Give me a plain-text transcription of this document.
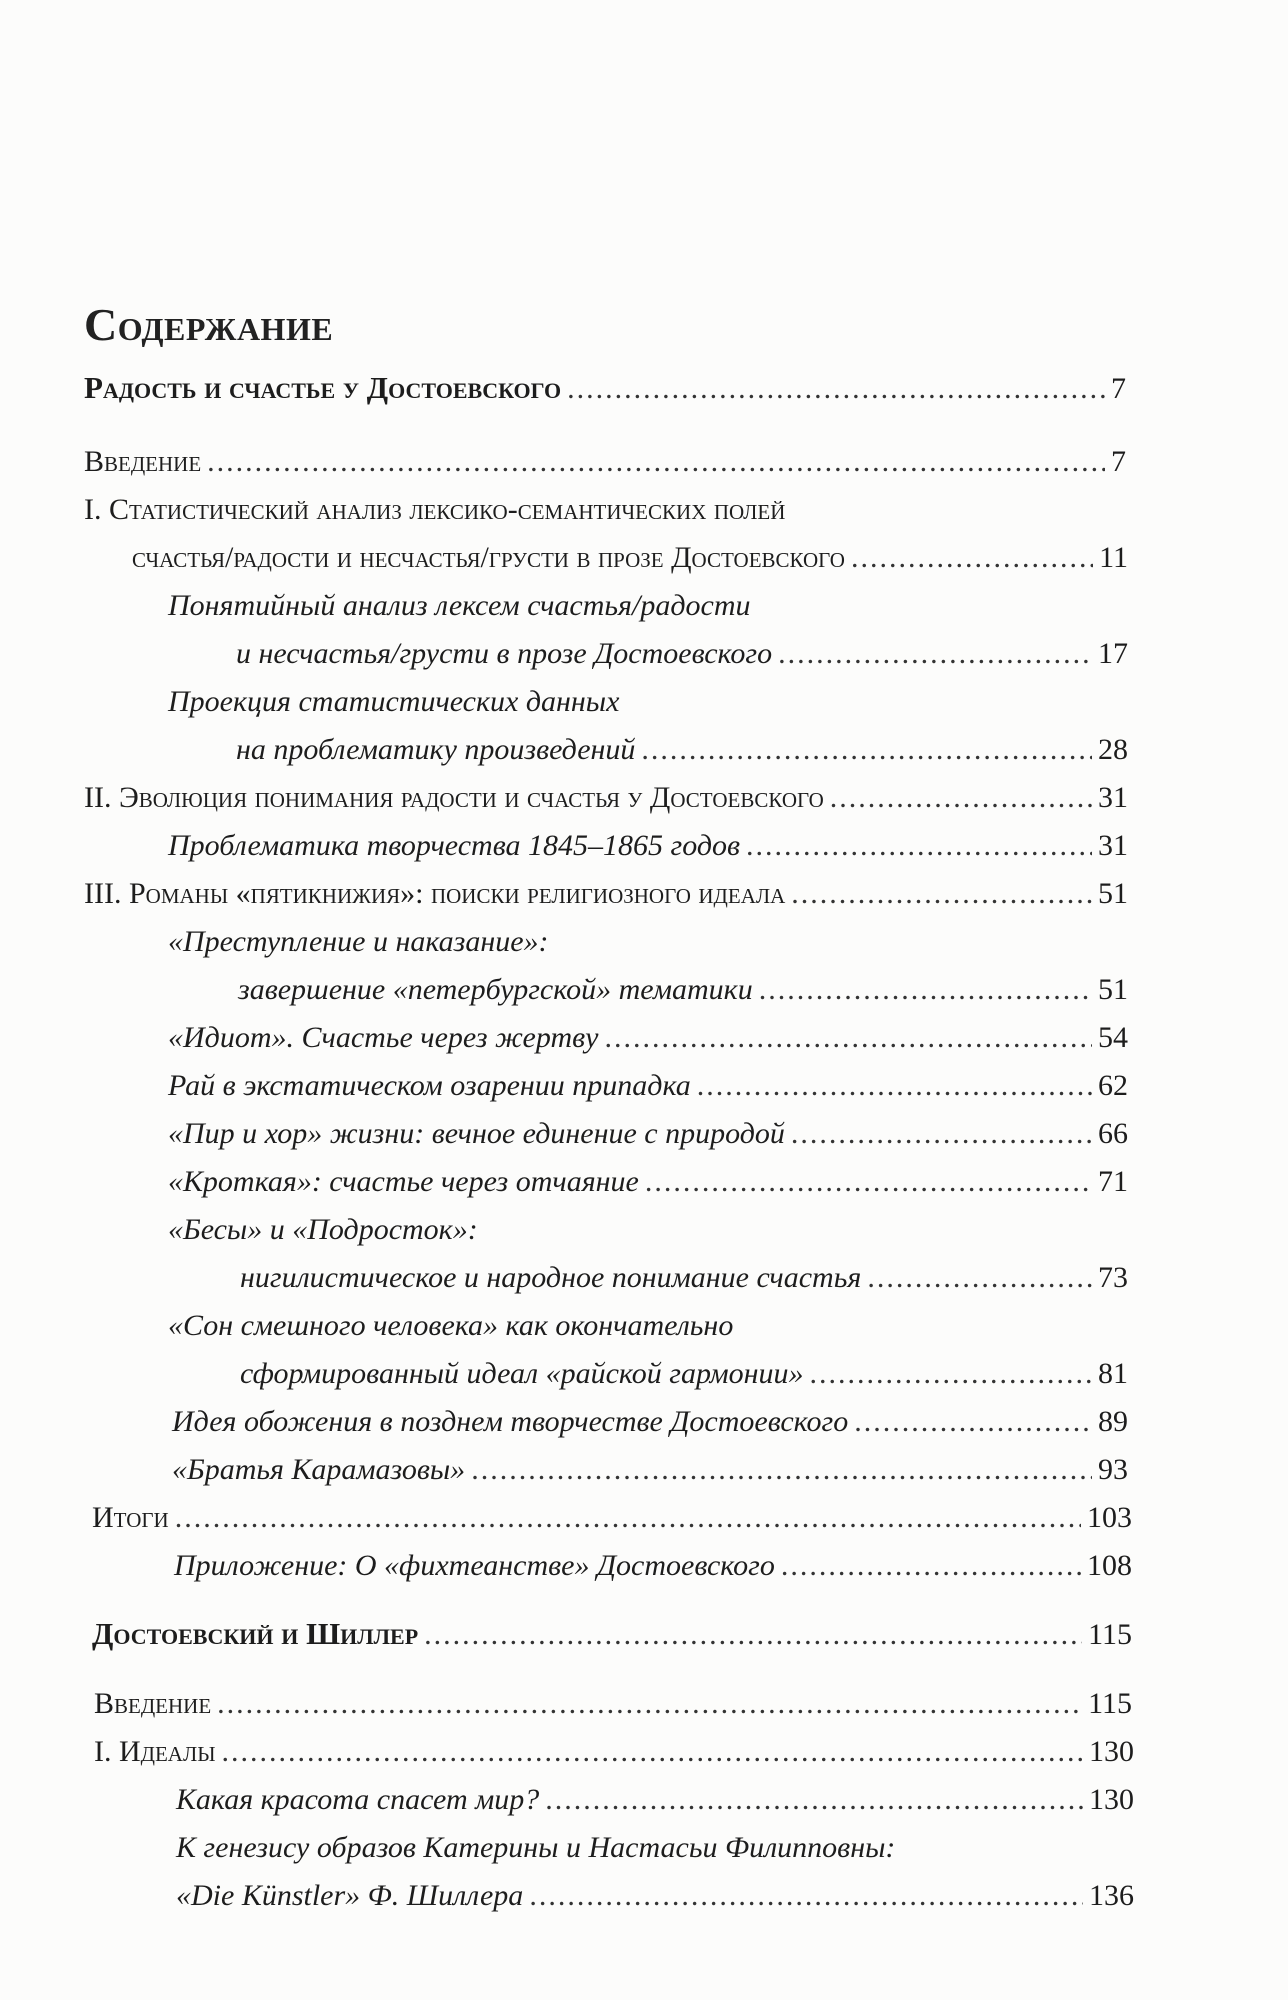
Содержание
Радость и счастье у Достоевского .....	7
Введение .....	7
I. Статистический анализ лексико-семантических полей
счастья/радости и несчастья/грусти в прозе Достоевского .....	11
Понятийный анализ лексем счастья/радости
и несчастья/грусти в прозе Достоевского .....	17
Проекция статистических данных
на проблематику произведений .....	28
II. Эволюция понимания радости и счастья у Достоевского .....	31
Проблематика творчества 1845–1865 годов .....	31
III. Романы «пятикнижия»: поиски религиозного идеала .....	51
«Преступление и наказание»:
завершение «петербургской» тематики .....	51
«Идиот». Счастье через жертву .....	54
Рай в экстатическом озарении припадка .....	62
«Пир и хор» жизни: вечное единение с природой .....	66
«Кроткая»: счастье через отчаяние .....	71
«Бесы» и «Подросток»:
нигилистическое и народное понимание счастья .....	73
«Сон смешного человека» как окончательно
сформированный идеал «райской гармонии» .....	81
Идея обожения в позднем творчестве Достоевского .....	89
«Братья Карамазовы» .....	93
Итоги .....	103
Приложение: О «фихтеанстве» Достоевского .....	108
Достоевский и Шиллер .....	115
Введение .....	115
I. Идеалы .....	130
Какая красота спасет мир? .....	130
К генезису образов Катерины и Настасьи Филипповны:
«Die Künstler» Ф. Шиллера .....	136
